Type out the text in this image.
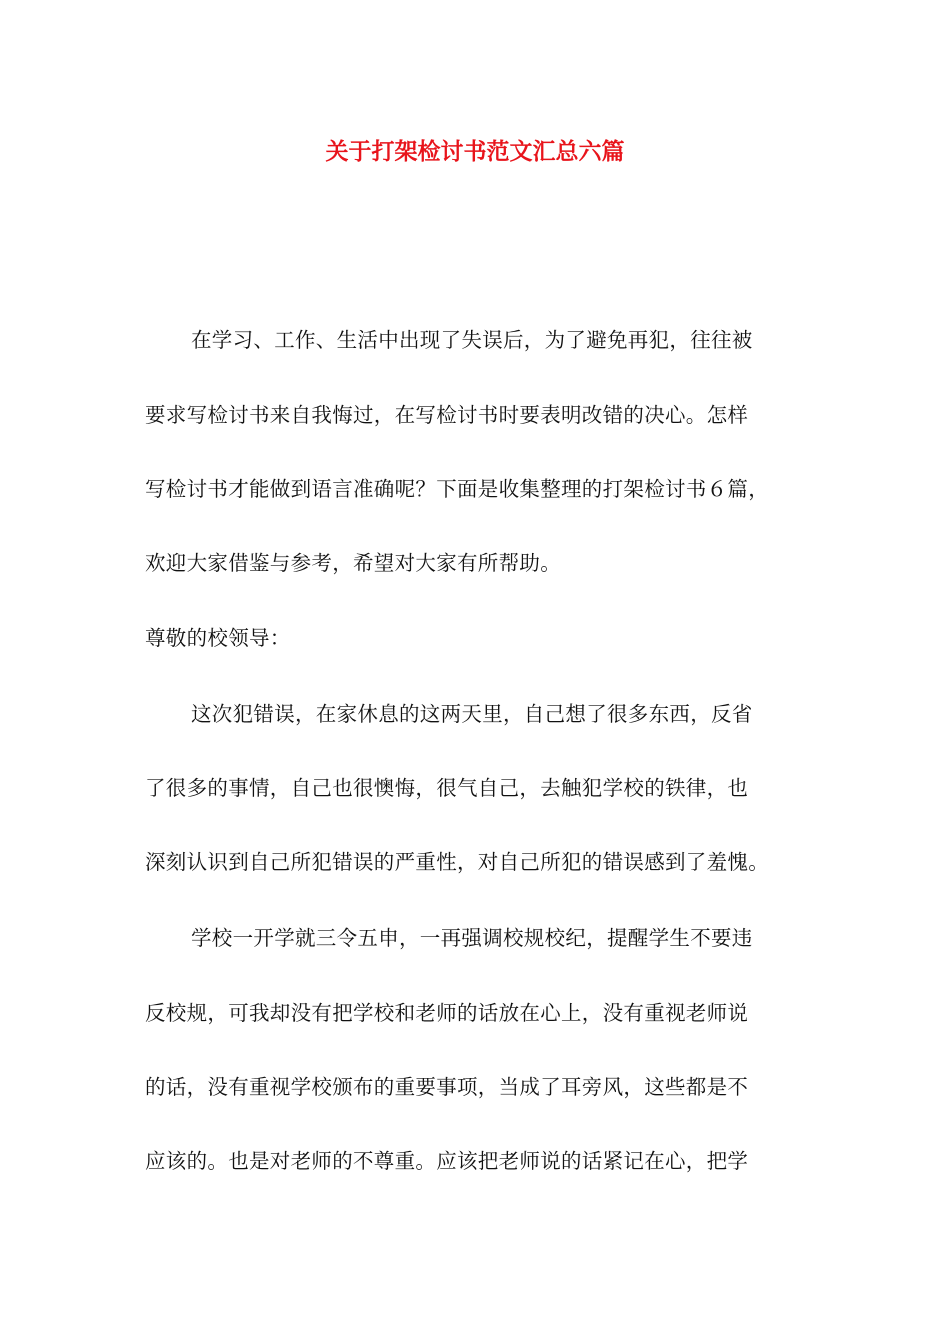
关于打架检讨书范文汇总六篇
在学习、工作、生活中出现了失误后，为了避免再犯，往往被
要求写检讨书来自我悔过，在写检讨书时要表明改错的决心。怎样
写检讨书才能做到语言准确呢？下面是收集整理的打架检讨书６篇，
欢迎大家借鉴与参考，希望对大家有所帮助。
尊敬的校领导：
这次犯错误，在家休息的这两天里，自己想了很多东西，反省
了很多的事情，自己也很懊悔，很气自己，去触犯学校的铁律，也
深刻认识到自己所犯错误的严重性，对自己所犯的错误感到了羞愧。
学校一开学就三令五申，一再强调校规校纪，提醒学生不要违
反校规，可我却没有把学校和老师的话放在心上，没有重视老师说
的话，没有重视学校颁布的重要事项，当成了耳旁风，这些都是不
应该的。也是对老师的不尊重。应该把老师说的话紧记在心，把学
